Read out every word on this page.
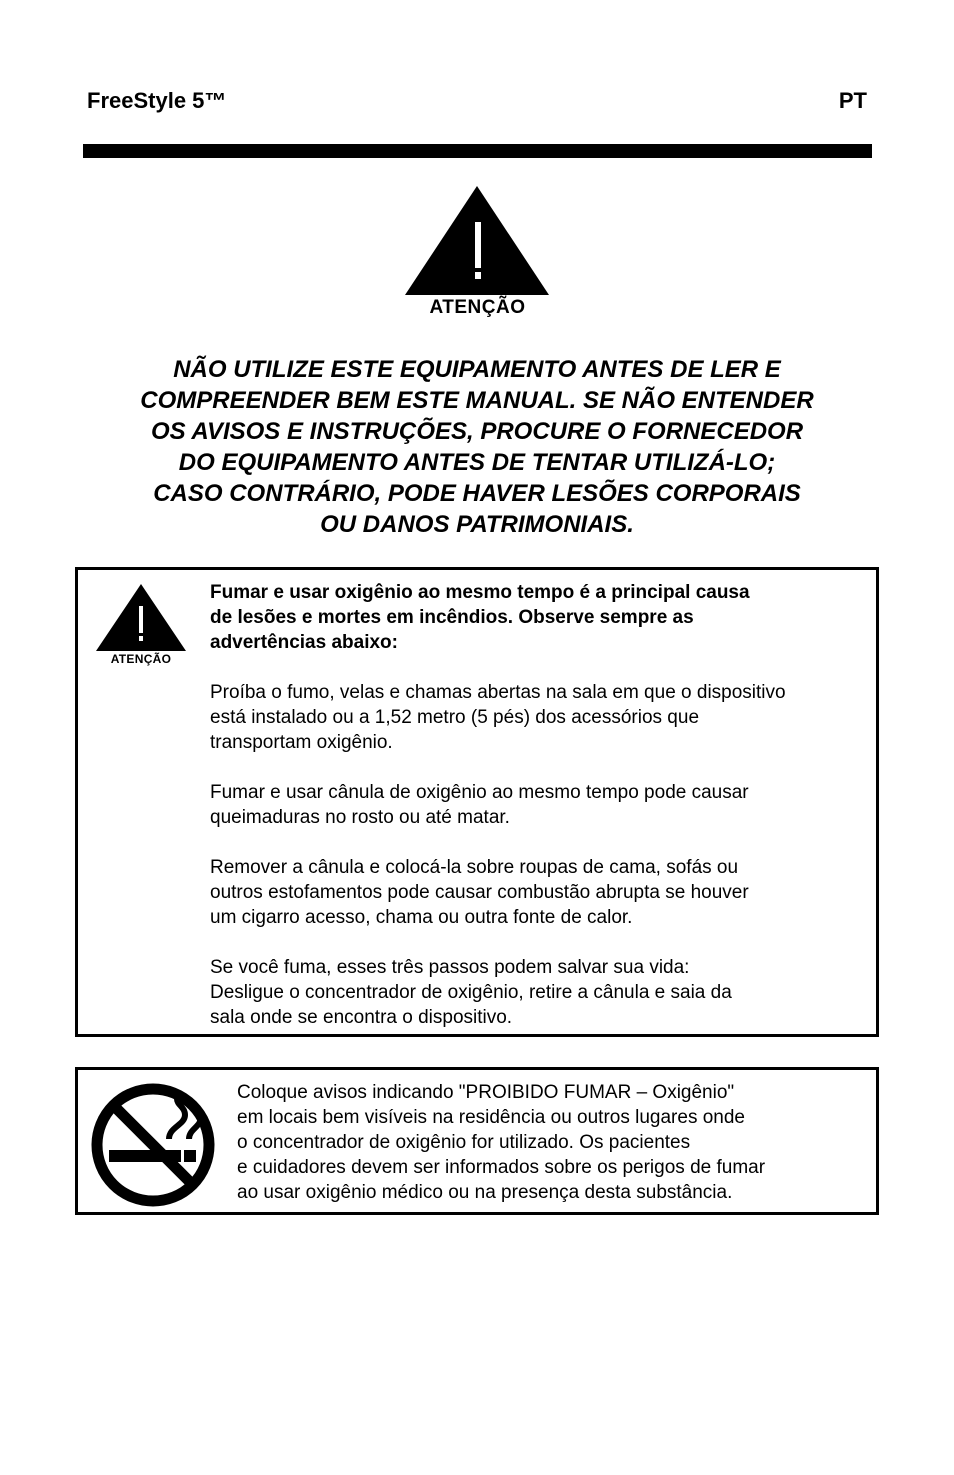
FreeStyle 5™	PT
ATENÇÃO
NÃO UTILIZE ESTE EQUIPAMENTO ANTES DE LER E
COMPREENDER BEM ESTE MANUAL. SE NÃO ENTENDER
OS AVISOS E INSTRUÇÕES, PROCURE O FORNECEDOR
DO EQUIPAMENTO ANTES DE TENTAR UTILIZÁ-LO;
CASO CONTRÁRIO, PODE HAVER LESÕES CORPORAIS
OU DANOS PATRIMONIAIS.
ATENÇÃO
Fumar e usar oxigênio ao mesmo tempo é a principal causa
de lesões e mortes em incêndios. Observe sempre as
advertências abaixo:
Proíba o fumo, velas e chamas abertas na sala em que o dispositivo
está instalado ou a 1,52 metro (5 pés) dos acessórios que
transportam oxigênio.
Fumar e usar cânula de oxigênio ao mesmo tempo pode causar
queimaduras no rosto ou até matar.
Remover a cânula e colocá-la sobre roupas de cama, sofás ou
outros estofamentos pode causar combustão abrupta se houver
um cigarro acesso, chama ou outra fonte de calor.
Se você fuma, esses três passos podem salvar sua vida:
Desligue o concentrador de oxigênio, retire a cânula e saia da
sala onde se encontra o dispositivo.
Coloque avisos indicando "PROIBIDO FUMAR – Oxigênio"
em locais bem visíveis na residência ou outros lugares onde
o concentrador de oxigênio for utilizado. Os pacientes
e cuidadores devem ser informados sobre os perigos de fumar
ao usar oxigênio médico ou na presença desta substância.
